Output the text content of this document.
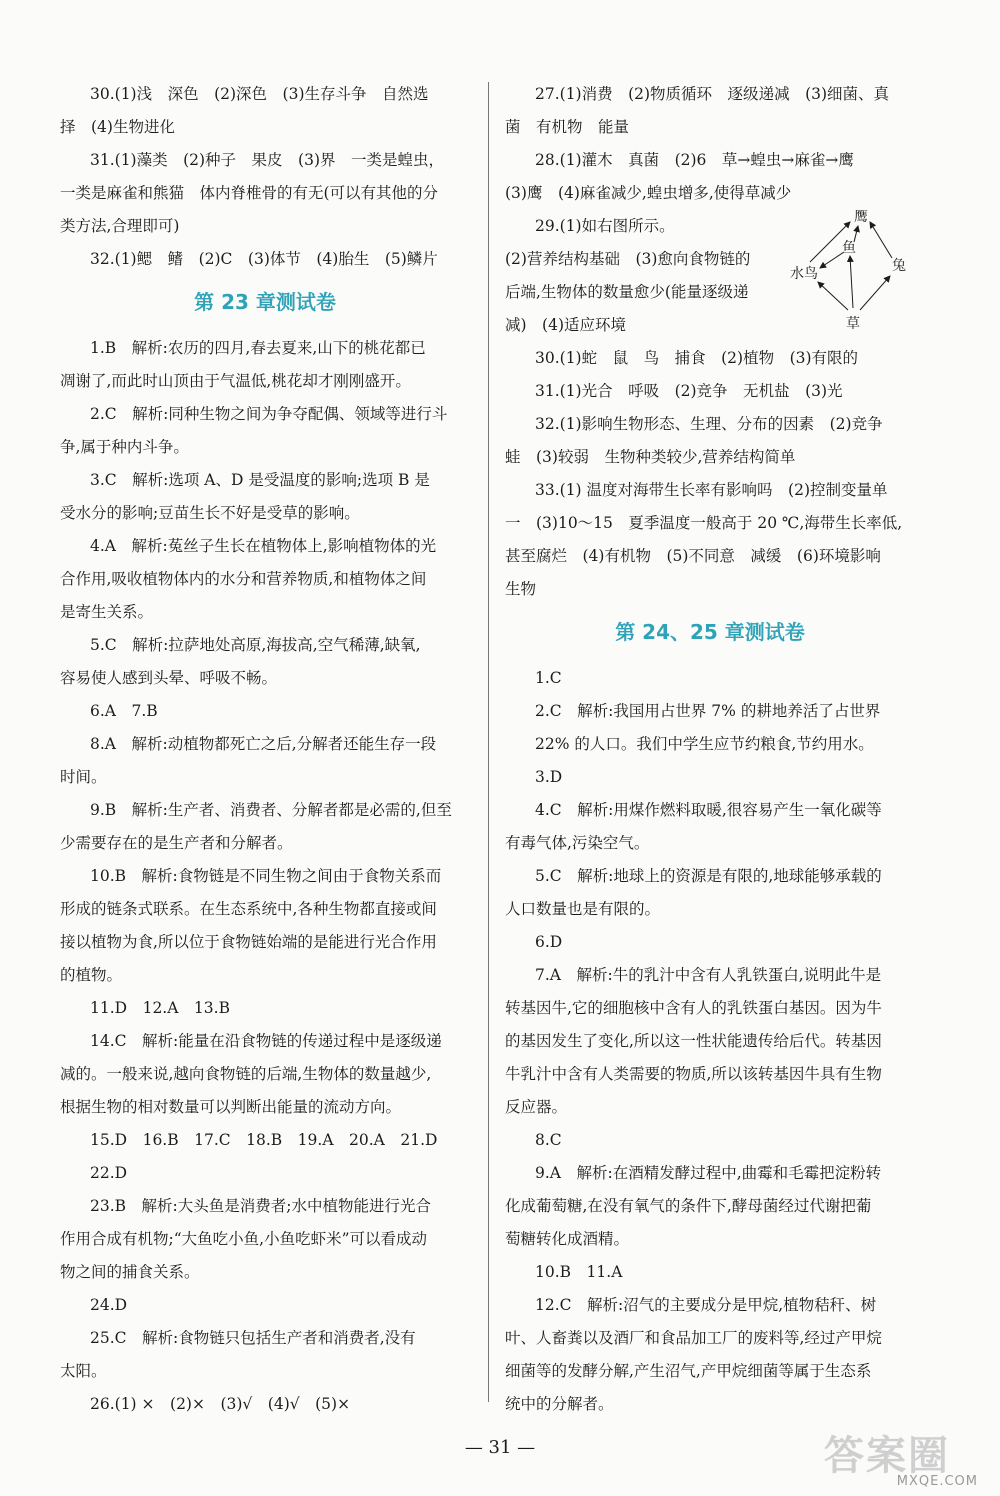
30.(1)浅　深色　(2)深色　(3)生存斗争　自然选

择　(4)生物进化

31.(1)藻类　(2)种子　果皮　(3)界　一类是蝗虫，

一类是麻雀和熊猫　体内脊椎骨的有无(可以有其他的分

类方法,合理即可)

32.(1)鳃　鳍　(2)C　(3)体节　(4)胎生　(5)鳞片

第 23 章测试卷

1.B　解析:农历的四月,春去夏来,山下的桃花都已

凋谢了,而此时山顶由于气温低,桃花却才刚刚盛开。

2.C　解析:同种生物之间为争夺配偶、领域等进行斗

争,属于种内斗争。

3.C　解析:选项 A、D 是受温度的影响;选项 B 是

受水分的影响;豆苗生长不好是受草的影响。

4.A　解析:菟丝子生长在植物体上,影响植物体的光

合作用,吸收植物体内的水分和营养物质,和植物体之间

是寄生关系。

5.C　解析:拉萨地处高原,海拔高,空气稀薄,缺氧,

容易使人感到头晕、呼吸不畅。

6.A　7.B

8.A　解析:动植物都死亡之后,分解者还能生存一段

时间。

9.B　解析:生产者、消费者、分解者都是必需的,但至

少需要存在的是生产者和分解者。

10.B　解析:食物链是不同生物之间由于食物关系而

形成的链条式联系。在生态系统中,各种生物都直接或间

接以植物为食,所以位于食物链始端的是能进行光合作用

的植物。

11.D　12.A　13.B

14.C　解析:能量在沿食物链的传递过程中是逐级递

减的。一般来说,越向食物链的后端,生物体的数量越少,

根据生物的相对数量可以判断出能量的流动方向。

15.D　16.B　17.C　18.B　19.A　20.A　21.D

22.D

23.B　解析:大头鱼是消费者;水中植物能进行光合

作用合成有机物;“大鱼吃小鱼,小鱼吃虾米”可以看成动

物之间的捕食关系。

24.D

25.C　解析:食物链只包括生产者和消费者,没有

太阳。

26.(1) ×　(2)×　(3)√　(4)√　(5)×

27.(1)消费　(2)物质循环　逐级递减　(3)细菌、真

菌　有机物　能量

28.(1)灌木　真菌　(2)6　草→蝗虫→麻雀→鹰

(3)鹰　(4)麻雀减少,蝗虫增多,使得草减少

29.(1)如右图所示。

(2)营养结构基础　(3)愈向食物链的

后端,生物体的数量愈少(能量逐级递

减)　(4)适应环境

鹰
鱼
水鸟	兔
草

30.(1)蛇　鼠　鸟　捕食　(2)植物　(3)有限的

31.(1)光合　呼吸　(2)竞争　无机盐　(3)光

32.(1)影响生物形态、生理、分布的因素　(2)竞争

蛙　(3)较弱　生物种类较少,营养结构简单

33.(1) 温度对海带生长率有影响吗　(2)控制变量单

一　(3)10～15　夏季温度一般高于 20 ℃,海带生长率低,

甚至腐烂　(4)有机物　(5)不同意　减缓　(6)环境影响

生物

第 24、25 章测试卷

1.C

2.C　解析:我国用占世界 7% 的耕地养活了占世界

22% 的人口。我们中学生应节约粮食,节约用水。

3.D

4.C　解析:用煤作燃料取暖,很容易产生一氧化碳等

有毒气体,污染空气。

5.C　解析:地球上的资源是有限的,地球能够承载的

人口数量也是有限的。

6.D

7.A　解析:牛的乳汁中含有人乳铁蛋白,说明此牛是

转基因牛,它的细胞核中含有人的乳铁蛋白基因。因为牛

的基因发生了变化,所以这一性状能遗传给后代。转基因

牛乳汁中含有人类需要的物质,所以该转基因牛具有生物

反应器。

8.C

9.A　解析:在酒精发酵过程中,曲霉和毛霉把淀粉转

化成葡萄糖,在没有氧气的条件下,酵母菌经过代谢把葡

萄糖转化成酒精。

10.B　11.A

12.C　解析:沼气的主要成分是甲烷,植物秸秆、树

叶、人畜粪以及酒厂和食品加工厂的废料等,经过产甲烷

细菌等的发酵分解,产生沼气,产甲烷细菌等属于生态系

统中的分解者。

— 31 —	答案圈
MXQE.COM
